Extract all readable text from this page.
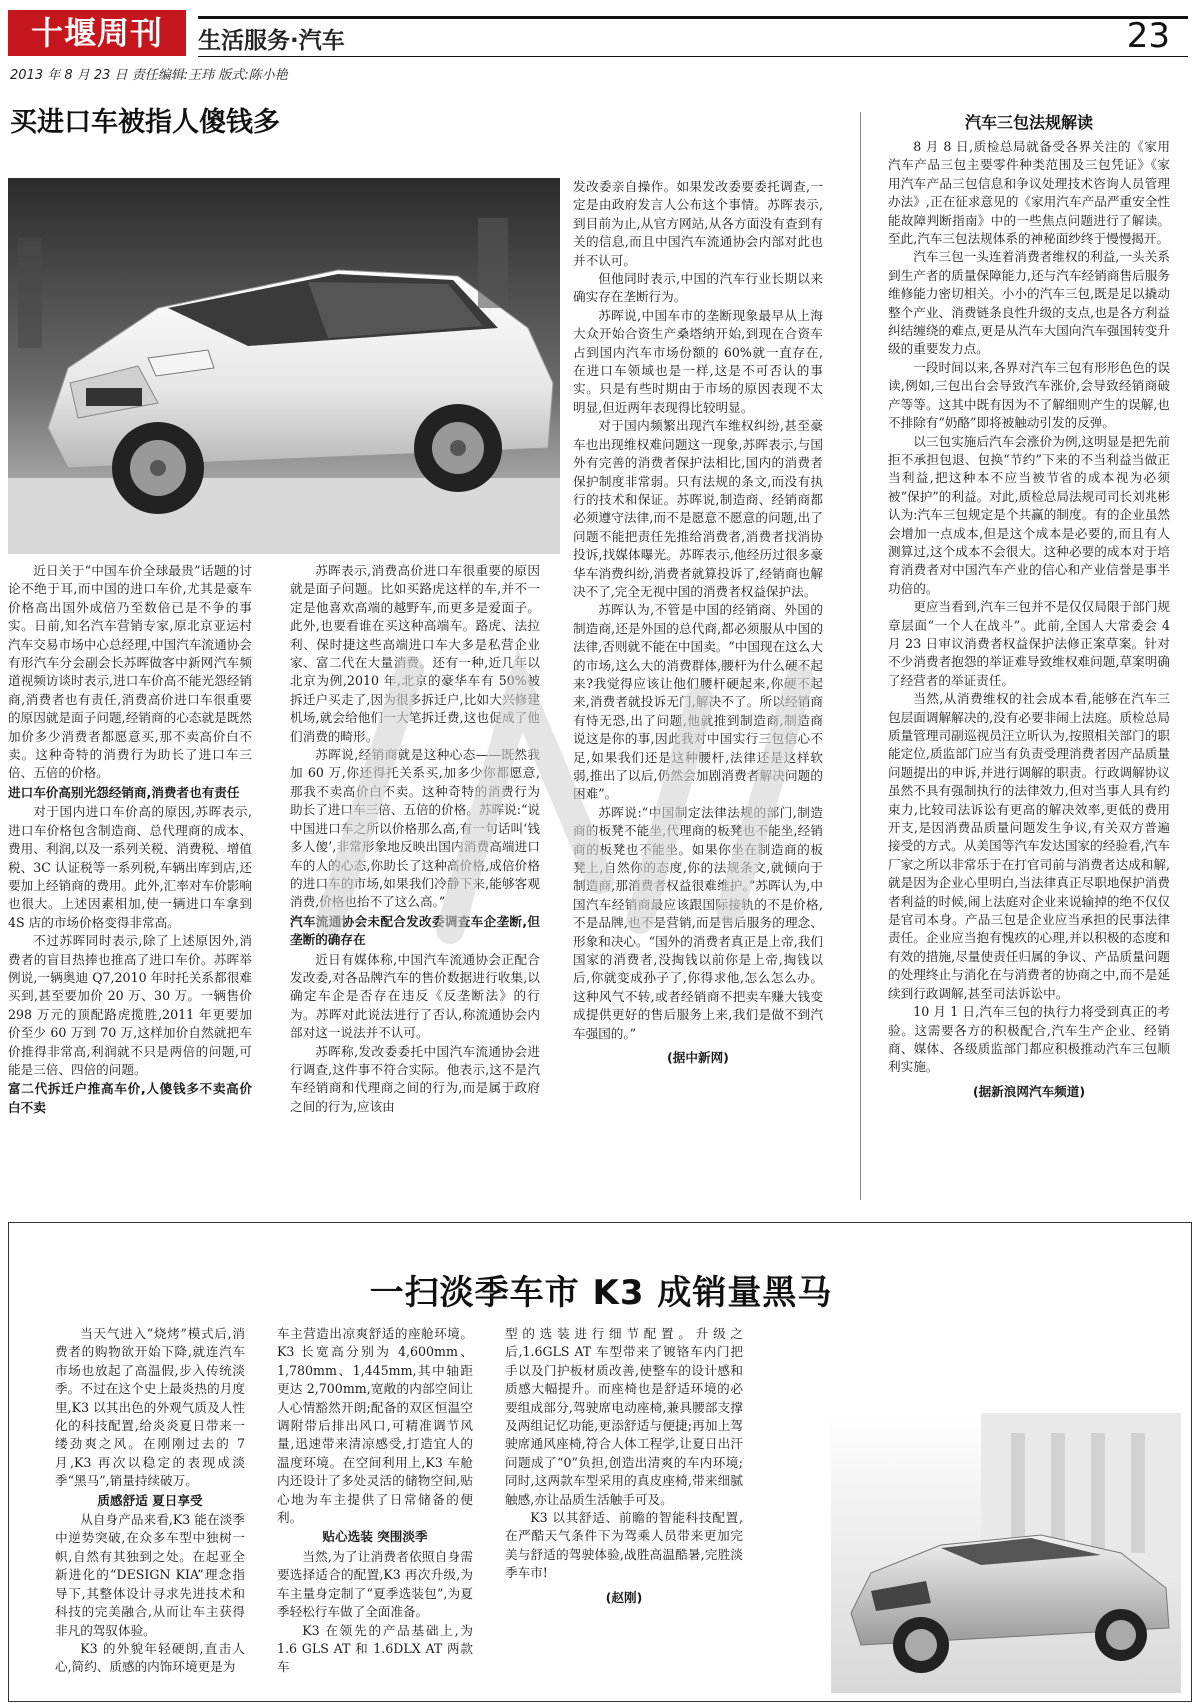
十堰周刊	生活服务·汽车	23
2013 年 8 月 23 日 责任编辑:王玮 版式:陈小艳
买进口车被指人傻钱多

近日关于“中国车价全球最贵”话题的讨论不绝于耳,而中国的进口车价,尤其是豪车价格高出国外成倍乃至数倍已是不争的事实。日前,知名汽车营销专家,原北京亚运村汽车交易市场中心总经理,中国汽车流通协会有形汽车分会副会长苏晖做客中新网汽车频道视频访谈时表示,进口车价高不能光怨经销商,消费者也有责任,消费高价进口车很重要的原因就是面子问题,经销商的心态就是既然加价多少消费者都愿意买,那不卖高价白不卖。这种奇特的消费行为助长了进口车三倍、五倍的价格。

进口车价高别光怨经销商,消费者也有责任

对于国内进口车价高的原因,苏晖表示,进口车价格包含制造商、总代理商的成本、费用、利润,以及一系列关税、消费税、增值税、3C 认证税等一系列税,车辆出库到店,还要加上经销商的费用。此外,汇率对车价影响也很大。上述因素相加,使一辆进口车拿到 4S 店的市场价格变得非常高。

不过苏晖同时表示,除了上述原因外,消费者的盲目热捧也推高了进口车价。苏晖举例说,一辆奥迪 Q7,2010 年时托关系都很难买到,甚至要加价 20 万、30 万。一辆售价 298 万元的顶配路虎揽胜,2011 年更要加价至少 60 万到 70 万,这样加价自然就把车价推得非常高,利润就不只是两倍的问题,可能是三倍、四倍的问题。

富二代拆迁户推高车价,人傻钱多不卖高价白不卖

苏晖表示,消费高价进口车很重要的原因就是面子问题。比如买路虎这样的车,并不一定是他喜欢高端的越野车,而更多是爱面子。此外,也要看谁在买这种高端车。路虎、法拉利、保时捷这些高端进口车大多是私营企业家、富二代在大量消费。还有一种,近几年以北京为例,2010 年,北京的豪华车有 50%被拆迁户买走了,因为很多拆迁户,比如大兴修建机场,就会给他们一大笔拆迁费,这也促成了他们消费的畸形。

苏晖说,经销商就是这种心态——既然我加 60 万,你还得托关系买,加多少你都愿意,那我不卖高价白不卖。这种奇特的消费行为助长了进口车三倍、五倍的价格。苏晖说:“说中国进口车之所以价格那么高,有一句话叫‘钱多人傻’,非常形象地反映出国内消费高端进口车的人的心态,你助长了这种高价格,成倍价格的进口车的市场,如果我们冷静下来,能够客观消费,价格也抬不了这么高。”

汽车流通协会未配合发改委调查车企垄断,但垄断的确存在

近日有媒体称,中国汽车流通协会正配合发改委,对各品牌汽车的售价数据进行收集,以确定车企是否存在违反《反垄断法》的行为。苏晖对此说法进行了否认,称流通协会内部对这一说法并不认可。

苏晖称,发改委委托中国汽车流通协会进行调查,这件事不符合实际。他表示,这不是汽车经销商和代理商之间的行为,而是属于政府之间的行为,应该由

发改委亲自操作。如果发改委要委托调查,一定是由政府发言人公布这个事情。苏晖表示,到目前为止,从官方网站,从各方面没有查到有关的信息,而且中国汽车流通协会内部对此也并不认可。

但他同时表示,中国的汽车行业长期以来确实存在垄断行为。

苏晖说,中国车市的垄断现象最早从上海大众开始合资生产桑塔纳开始,到现在合资车占到国内汽车市场份额的 60%就一直存在,在进口车领域也是一样,这是不可否认的事实。只是有些时期由于市场的原因表现不太明显,但近两年表现得比较明显。

对于国内频繁出现汽车维权纠纷,甚至豪车也出现维权难问题这一现象,苏晖表示,与国外有完善的消费者保护法相比,国内的消费者保护制度非常弱。只有法规的条文,而没有执行的技术和保证。苏晖说,制造商、经销商都必须遵守法律,而不是愿意不愿意的问题,出了问题不能把责任先推给消费者,消费者找消协投诉,找媒体曝光。苏晖表示,他经历过很多豪华车消费纠纷,消费者就算投诉了,经销商也解决不了,完全无视中国的消费者权益保护法。

苏晖认为,不管是中国的经销商、外国的制造商,还是外国的总代商,都必须服从中国的法律,否则就不能在中国卖。“中国现在这么大的市场,这么大的消费群体,腰杆为什么硬不起来?我觉得应该让他们腰杆硬起来,你硬不起来,消费者就投诉无门,解决不了。所以经销商有恃无恐,出了问题,他就推到制造商,制造商说这是你的事,因此我对中国实行三包信心不足,如果我们还是这种腰杆,法律还是这样软弱,推出了以后,仍然会加剧消费者解决问题的困难”。

苏晖说:“中国制定法律法规的部门,制造商的板凳不能坐,代理商的板凳也不能坐,经销商的板凳也不能坐。如果你坐在制造商的板凳上,自然你的态度,你的法规条文,就倾向于制造商,那消费者权益很难维护。”苏晖认为,中国汽车经销商最应该跟国际接轨的不是价格,不是品牌,也不是营销,而是售后服务的理念、形象和决心。“国外的消费者真正是上帝,我们国家的消费者,没掏钱以前你是上帝,掏钱以后,你就变成孙子了,你得求他,怎么怎么办。这种风气不转,或者经销商不把卖车赚大钱变成提供更好的售后服务上来,我们是做不到汽车强国的。”

(据中新网)
汽车三包法规解读

8 月 8 日,质检总局就备受各界关注的《家用汽车产品三包主要零件种类范围及三包凭证》《家用汽车产品三包信息和争议处理技术咨询人员管理办法》,正在征求意见的《家用汽车产品严重安全性能故障判断指南》中的一些焦点问题进行了解读。至此,汽车三包法规体系的神秘面纱终于慢慢揭开。

汽车三包一头连着消费者维权的利益,一头关系到生产者的质量保障能力,还与汽车经销商售后服务维修能力密切相关。小小的汽车三包,既是足以撬动整个产业、消费链条良性升级的支点,也是各方利益纠结缠绕的难点,更是从汽车大国向汽车强国转变升级的重要发力点。

一段时间以来,各界对汽车三包有形形色色的误读,例如,三包出台会导致汽车涨价,会导致经销商破产等等。这其中既有因为不了解细则产生的误解,也不排除有“奶酪”即将被触动引发的反弹。

以三包实施后汽车会涨价为例,这明显是把先前拒不承担包退、包换“节约”下来的不当利益当做正当利益,把这种本不应当被节省的成本视为必须被“保护”的利益。对此,质检总局法规司司长刘兆彬认为:汽车三包规定是个共赢的制度。有的企业虽然会增加一点成本,但是这个成本是必要的,而且有人测算过,这个成本不会很大。这种必要的成本对于培育消费者对中国汽车产业的信心和产业信誉是事半功倍的。

更应当看到,汽车三包并不是仅仅局限于部门规章层面“一个人在战斗”。此前,全国人大常委会 4 月 23 日审议消费者权益保护法修正案草案。针对不少消费者抱怨的举证难导致维权难问题,草案明确了经营者的举证责任。

当然,从消费维权的社会成本看,能够在汽车三包层面调解解决的,没有必要非闹上法庭。质检总局质量管理司副巡视员汪立昕认为,按照相关部门的职能定位,质监部门应当有负责受理消费者因产品质量问题提出的申诉,并进行调解的职责。行政调解协议虽然不具有强制执行的法律效力,但对当事人具有约束力,比较司法诉讼有更高的解决效率,更低的费用开支,是因消费品质量问题发生争议,有关双方普遍接受的方式。从美国等汽车发达国家的经验看,汽车厂家之所以非常乐于在打官司前与消费者达成和解,就是因为企业心里明白,当法律真正尽职地保护消费者利益的时候,闹上法庭对企业来说输掉的绝不仅仅是官司本身。产品三包是企业应当承担的民事法律责任。企业应当抱有愧疚的心理,并以积极的态度和有效的措施,尽量使责任归属的争议、产品质量问题的处理终止与消化在与消费者的协商之中,而不是延续到行政调解,甚至司法诉讼中。

10 月 1 日,汽车三包的执行力将受到真正的考验。这需要各方的积极配合,汽车生产企业、经销商、媒体、各级质监部门都应积极推动汽车三包顺利实施。

(据新浪网汽车频道)
一扫淡季车市 K3 成销量黑马

当天气进入“烧烤”模式后,消费者的购物欲开始下降,就连汽车市场也放起了高温假,步入传统淡季。不过在这个史上最炎热的月度里,K3 以其出色的外观气质及人性化的科技配置,给炎炎夏日带来一缕劲爽之风。在刚刚过去的 7 月,K3 再次以稳定的表现成淡季“黑马”,销量持续破万。

质感舒适 夏日享受

从自身产品来看,K3 能在淡季中逆势突破,在众多车型中独树一帜,自然有其独到之处。在起亚全新进化的“DESIGN KIA”理念指导下,其整体设计寻求先进技术和科技的完美融合,从而让车主获得非凡的驾驭体验。

K3 的外貌年轻硬朗,直击人心,简约、质感的内饰环境更是为

车主营造出凉爽舒适的座舱环境。K3 长宽高分别为 4,600mm、1,780mm、1,445mm,其中轴距更达 2,700mm,宽敞的内部空间让人心情豁然开朗;配备的双区恒温空调附带后排出风口,可精准调节风量,迅速带来清凉感受,打造宜人的温度环境。在空间利用上,K3 车舱内还设计了多处灵活的储物空间,贴心地为车主提供了日常储备的便利。

贴心选装 突围淡季

当然,为了让消费者依照自身需要选择适合的配置,K3 再次升级,为车主量身定制了“夏季选装包”,为夏季轻松行车做了全面准备。

K3 在领先的产品基础上,为 1.6 GLS AT 和 1.6DLX AT 两款车

型的选装进行细节配置。升级之后,1.6GLS AT 车型带来了镀铬车内门把手以及门护板材质改善,使整车的设计感和质感大幅提升。而座椅也是舒适环境的必要组成部分,驾驶席电动座椅,兼具腰部支撑及两组记忆功能,更添舒适与便捷;再加上驾驶席通风座椅,符合人体工程学,让夏日出汗问题成了“0”负担,创造出清爽的车内环境;同时,这两款车型采用的真皮座椅,带来细腻触感,亦让品质生活触手可及。

K3 以其舒适、前瞻的智能科技配置,在严酷天气条件下为驾乘人员带来更加完美与舒适的驾驶体验,战胜高温酷暑,完胜淡季车市!

(赵刚)
